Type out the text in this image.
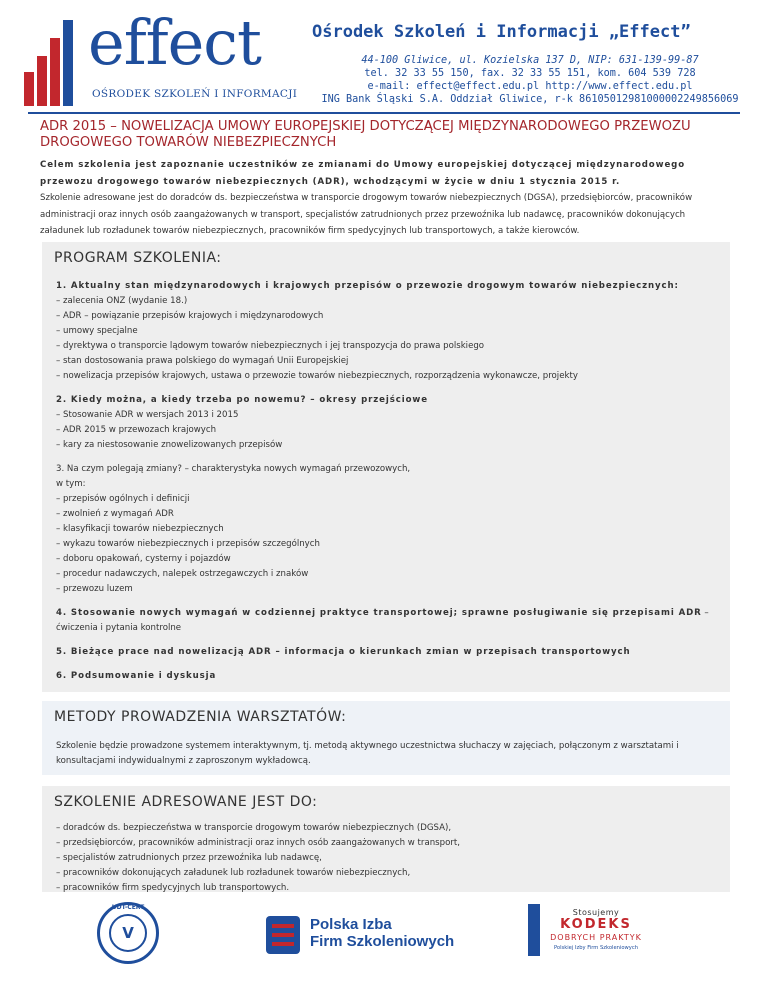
effect
OŚRODEK SZKOLEŃ I INFORMACJI
Ośrodek Szkoleń i Informacji „Effect”
44-100 Gliwice, ul. Kozielska 137 D, NIP: 631-139-99-87
tel. 32 33 55 150, fax. 32 33 55 151, kom. 604 539 728
e-mail: effect@effect.edu.pl http://www.effect.edu.pl
ING Bank Śląski S.A. Oddział Gliwice, r-k 86105012981000002249856069
ADR 2015 – NOWELIZACJA UMOWY EUROPEJSKIEJ DOTYCZĄCEJ MIĘDZYNARODOWEGO PRZEWOZU DROGOWEGO TOWARÓW NIEBEZPIECZNYCH

Celem szkolenia jest zapoznanie uczestników ze zmianami do Umowy europejskiej dotyczącej międzynarodowego przewozu drogowego towarów niebezpiecznych (ADR), wchodzącymi w życie w dniu 1 stycznia 2015 r.

Szkolenie adresowane jest do doradców ds. bezpieczeństwa w transporcie drogowym towarów niebezpiecznych (DGSA), przedsiębiorców, pracowników administracji oraz innych osób zaangażowanych w transport, specjalistów zatrudnionych przez przewoźnika lub nadawcę, pracowników dokonujących załadunek lub rozładunek towarów niebezpiecznych, pracowników firm spedycyjnych lub transportowych, a także kierowców.

PROGRAM SZKOLENIA:

1. Aktualny stan międzynarodowych i krajowych przepisów o przewozie drogowym towarów niebezpiecznych:

– zalecenia ONZ (wydanie 18.)

– ADR – powiązanie przepisów krajowych i międzynarodowych

– umowy specjalne

– dyrektywa o transporcie lądowym towarów niebezpiecznych i jej transpozycja do prawa polskiego

– stan dostosowania prawa polskiego do wymagań Unii Europejskiej

– nowelizacja przepisów krajowych, ustawa o przewozie towarów niebezpiecznych, rozporządzenia wykonawcze, projekty

2. Kiedy można, a kiedy trzeba po nowemu? – okresy przejściowe

– Stosowanie ADR w wersjach 2013 i 2015

– ADR 2015 w przewozach krajowych

– kary za niestosowanie znowelizowanych przepisów

3. Na czym polegają zmiany? – charakterystyka nowych wymagań przewozowych,

w tym:

– przepisów ogólnych i definicji

– zwolnień z wymagań ADR

– klasyfikacji towarów niebezpiecznych

– wykazu towarów niebezpiecznych i przepisów szczególnych

– doboru opakowań, cysterny i pojazdów

– procedur nadawczych, nalepek ostrzegawczych i znaków

– przewozu luzem

4. Stosowanie nowych wymagań w codziennej praktyce transportowej; sprawne posługiwanie się przepisami ADR – ćwiczenia i pytania kontrolne

5. Bieżące prace nad nowelizacją ADR – informacja o kierunkach zmian w przepisach transportowych

6. Podsumowanie i dyskusja

METODY PROWADZENIA WARSZTATÓW:

Szkolenie będzie prowadzone systemem interaktywnym, tj. metodą aktywnego uczestnictwa słuchaczy w zajęciach, połączonym z warsztatami i konsultacjami indywidualnymi z zaproszonym wykładowcą.

SZKOLENIE ADRESOWANE JEST DO:

– doradców ds. bezpieczeństwa w transporcie drogowym towarów niebezpiecznych (DGSA),

– przedsiębiorców, pracowników administracji oraz innych osób zaangażowanych w transport,

– specjalistów zatrudnionych przez przewoźnika lub nadawcę,

– pracowników dokonujących załadunek lub rozładunek towarów niebezpiecznych,

– pracowników firm spedycyjnych lub transportowych.

UDT-CERT
V	Polska Izba
Firm Szkoleniowych
Stosujemy
KODEKS
DOBRYCH PRAKTYK
Polskiej Izby Firm Szkoleniowych
